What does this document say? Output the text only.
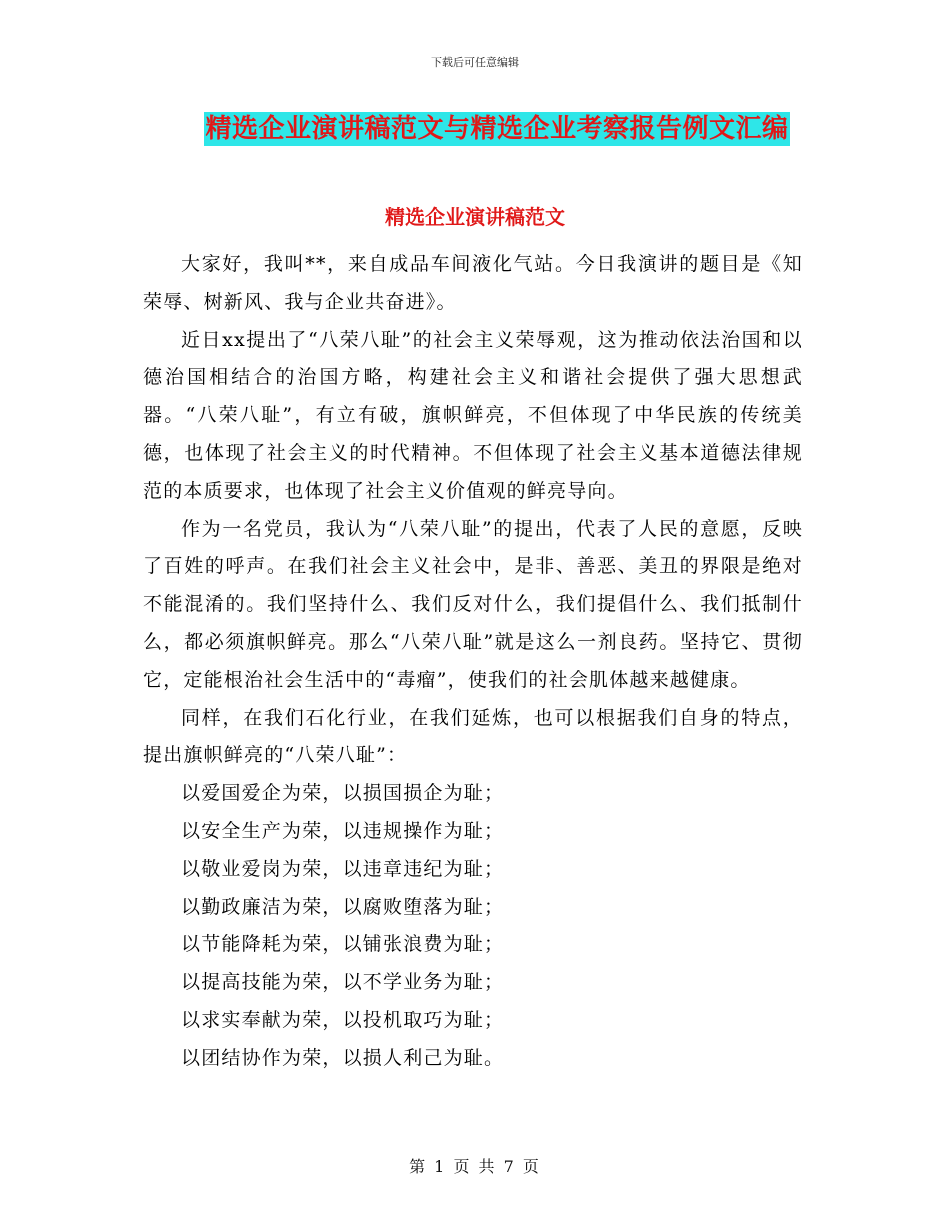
下载后可任意编辑
精选企业演讲稿范文与精选企业考察报告例文汇编
精选企业演讲稿范文

大家好，我叫**，来自成品车间液化气站。今日我演讲的题目是《知荣辱、树新风、我与企业共奋进》。

近日xx提出了“八荣八耻”的社会主义荣辱观，这为推动依法治国和以德治国相结合的治国方略，构建社会主义和谐社会提供了强大思想武器。“八荣八耻”，有立有破，旗帜鲜亮，不但体现了中华民族的传统美德，也体现了社会主义的时代精神。不但体现了社会主义基本道德法律规范的本质要求，也体现了社会主义价值观的鲜亮导向。

作为一名党员，我认为“八荣八耻”的提出，代表了人民的意愿，反映了百姓的呼声。在我们社会主义社会中，是非、善恶、美丑的界限是绝对不能混淆的。我们坚持什么、我们反对什么，我们提倡什么、我们抵制什么，都必须旗帜鲜亮。那么“八荣八耻”就是这么一剂良药。坚持它、贯彻它，定能根治社会生活中的“毒瘤”，使我们的社会肌体越来越健康。

同样，在我们石化行业，在我们延炼，也可以根据我们自身的特点，提出旗帜鲜亮的“八荣八耻”：

以爱国爱企为荣，以损国损企为耻；

以安全生产为荣，以违规操作为耻；

以敬业爱岗为荣，以违章违纪为耻；

以勤政廉洁为荣，以腐败堕落为耻；

以节能降耗为荣，以铺张浪费为耻；

以提高技能为荣，以不学业务为耻；

以求实奉献为荣，以投机取巧为耻；

以团结协作为荣，以损人利己为耻。

第 1 页 共 7 页
